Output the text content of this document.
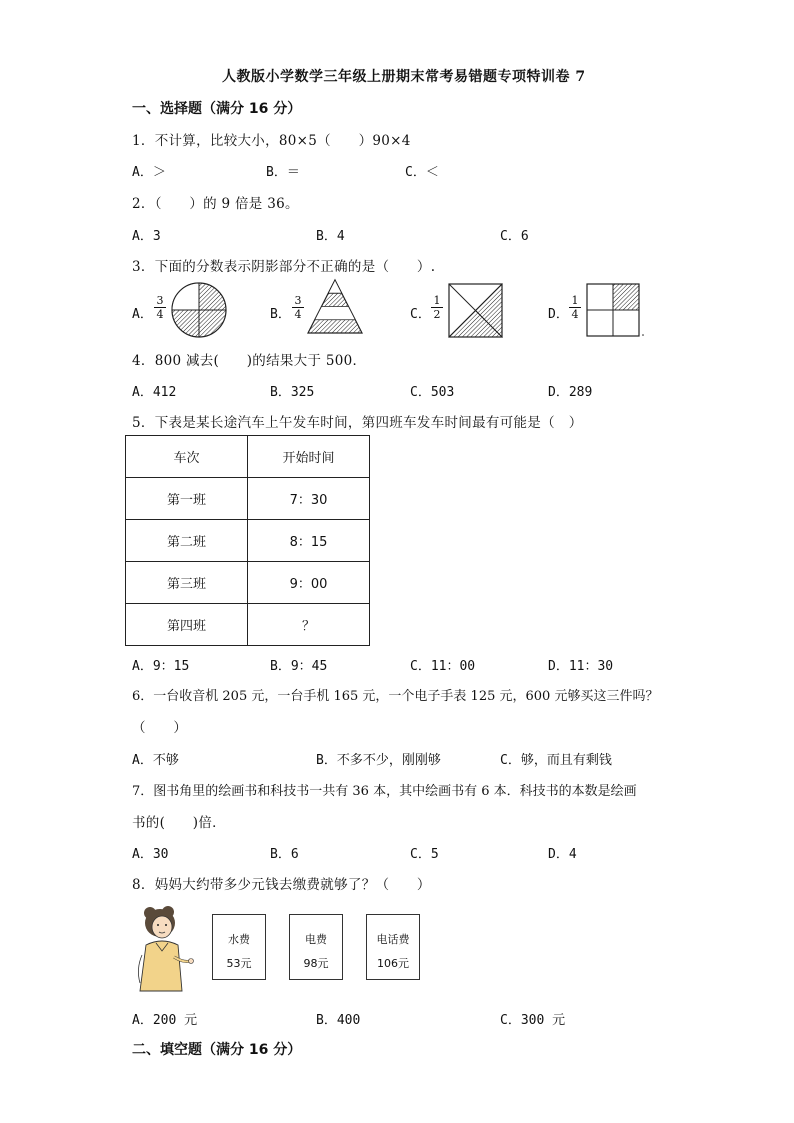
人教版小学数学三年级上册期末常考易错题专项特训卷 7
一、选择题（满分 16 分）
1．不计算，比较大小，80×5（　　）90×4
A．＞	B．＝	C．＜
2．（　　）的 9 倍是 36。
A．3	B．4	C．6
3．下面的分数表示阴影部分不正确的是（　　）.
A． $\frac{3}{4}$	B． $\frac{3}{4}$	C． $\frac{1}{2}$	D． $\frac{1}{4}$
4．800 减去(　　)的结果大于 500．
A．412	B．325	C．503	D．289
5．下表是某长途汽车上午发车时间，第四班车发车时间最有可能是（　）
车次	开始时间
第一班	7：30
第二班	8：15
第三班	9：00
第四班	？
A．9：15	B．9：45	C．11：00	D．11：30
6．一台收音机 205 元，一台手机 165 元，一个电子手表 125 元，600 元够买这三件吗？
（　　）
A．不够	B．不多不少，刚刚够	C．够，而且有剩钱
7．图书角里的绘画书和科技书一共有 36 本，其中绘画书有 6 本．科技书的本数是绘画
书的(　　)倍．
A．30	B．6	C．5	D．4
8．妈妈大约带多少元钱去缴费就够了？（　　）
水费
53元
电费
98元
电话费
106元
A．200 元	B．400	C．300 元
二、填空题（满分 16 分）
